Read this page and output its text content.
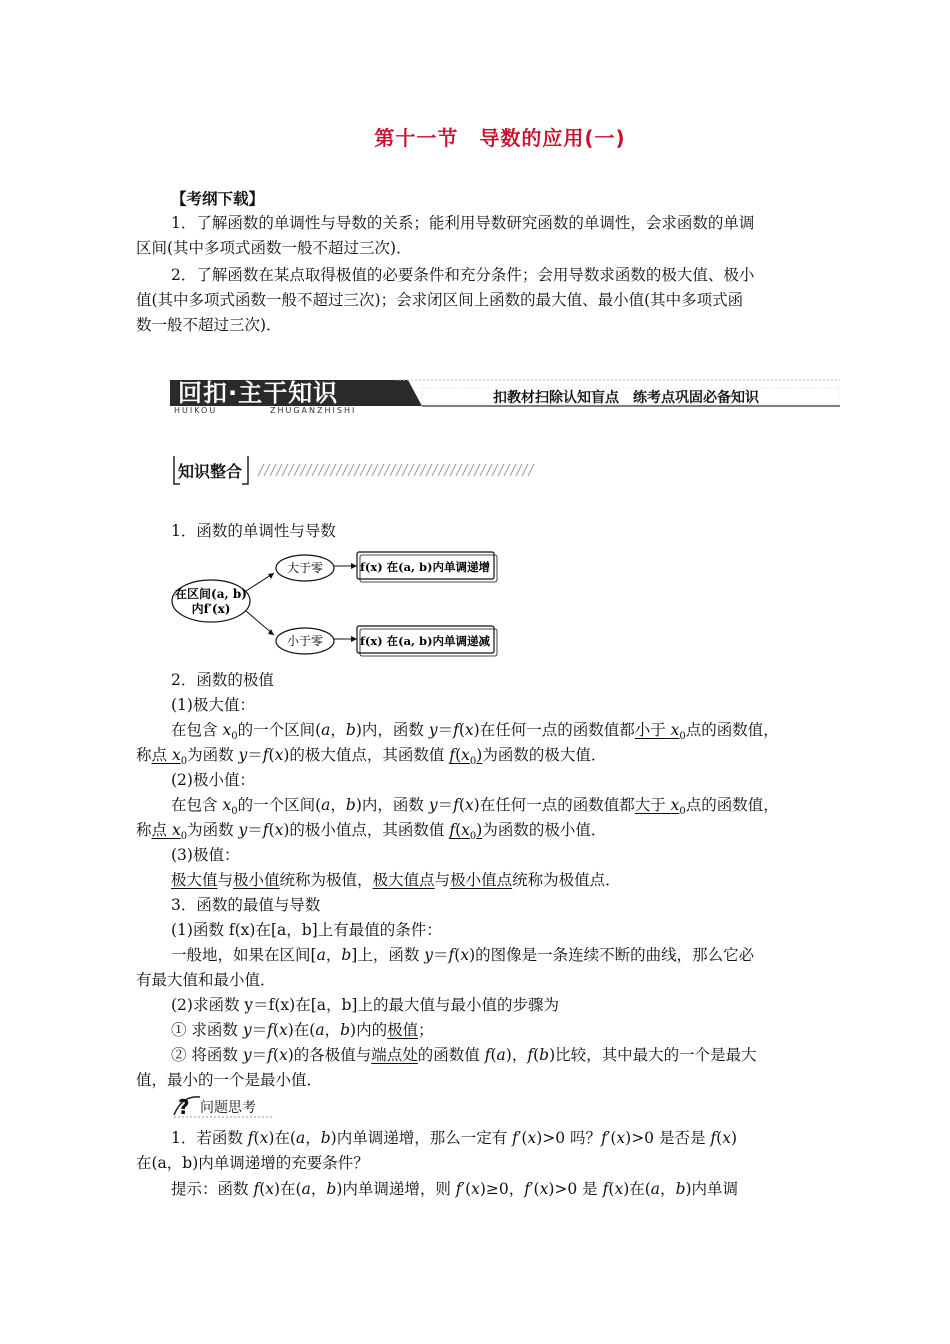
第十一节　导数的应用(一)
【考纲下载】
1．了解函数的单调性与导数的关系；能利用导数研究函数的单调性，会求函数的单调
区间(其中多项式函数一般不超过三次)．
2．了解函数在某点取得极值的必要条件和充分条件；会用导数求函数的极大值、极小
值(其中多项式函数一般不超过三次)；会求闭区间上函数的最大值、最小值(其中多项式函
数一般不超过三次)．
回扣·主干知识
HUIKOU	ZHUGANZHISHI
扣教材扫除认知盲点　练考点巩固必备知识
知识整合
1．函数的单调性与导数
在区间(a, b)
内f′(x)
大于零
小于零
f(x) 在(a, b)内单调递增
f(x) 在(a, b)内单调递减
2．函数的极值
(1)极大值：
在包含 $x_0$的一个区间(a，b)内，函数 y＝f(x)在任何一点的函数值都小于 $x_0$点的函数值，
称点 $x_0$为函数 y＝f(x)的极大值点，其函数值 $f(x_0)$为函数的极大值．
(2)极小值：
在包含 $x_0$的一个区间(a，b)内，函数 y＝f(x)在任何一点的函数值都大于 $x_0$点的函数值，
称点 $x_0$为函数 y＝f(x)的极小值点，其函数值 $f(x_0)$为函数的极小值．
(3)极值：
极大值与极小值统称为极值，极大值点与极小值点统称为极值点．
3．函数的最值与导数
(1)函数 f(x)在[a，b]上有最值的条件：
一般地，如果在区间[a，b]上，函数 y＝f(x)的图像是一条连续不断的曲线，那么它必
有最大值和最小值．
(2)求函数 y＝f(x)在[a，b]上的最大值与最小值的步骤为
① 求函数 y＝f(x)在(a，b)内的极值；
② 将函数 y＝f(x)的各极值与端点处的函数值 f(a)，f(b)比较，其中最大的一个是最大
值，最小的一个是最小值．
? 问题思考
1．若函数 f(x)在(a，b)内单调递增，那么一定有 f′(x)>0 吗？f′(x)>0 是否是 f(x)
在(a，b)内单调递增的充要条件？
提示：函数 f(x)在(a，b)内单调递增，则 f′(x)≥0，f′(x)>0 是 f(x)在(a，b)内单调
